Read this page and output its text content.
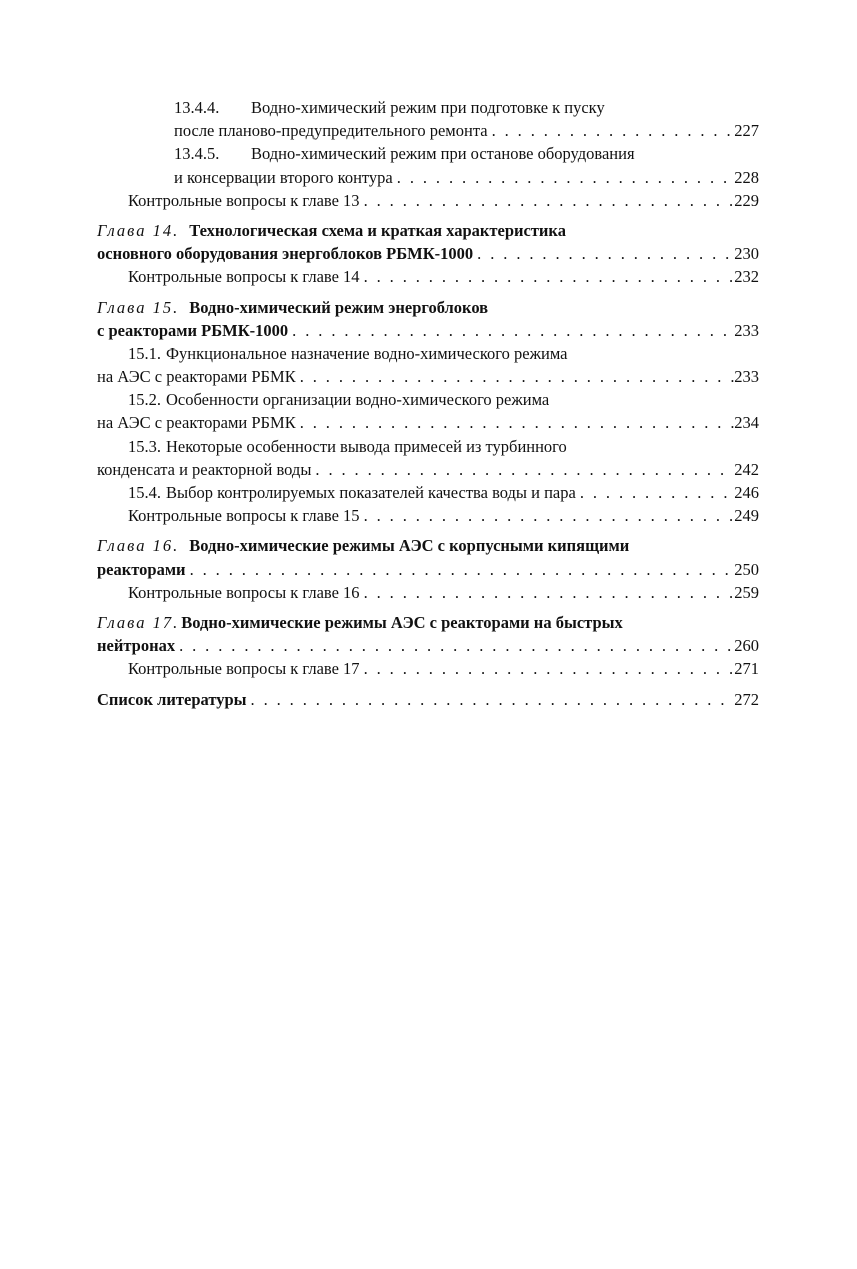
13.4.4. Водно-химический режим при подготовке к пуску
после планово-предупредительного ремонта . . .	227
13.4.5. Водно-химический режим при останове оборудования
и консервации второго контура . . .	228
Контрольные вопросы к главе 13 . . .	229
Глава 14. Технологическая схема и краткая характеристика
основного оборудования энергоблоков РБМК-1000 . . .	230
Контрольные вопросы к главе 14 . . .	232
Глава 15. Водно-химический режим энергоблоков
с реакторами РБМК-1000 . . .	233
15.1. Функциональное назначение водно-химического режима
на АЭС с реакторами РБМК . . .	233
15.2. Особенности организации водно-химического режима
на АЭС с реакторами РБМК . . .	234
15.3. Некоторые особенности вывода примесей из турбинного
конденсата и реакторной воды . . .	242
15.4. Выбор контролируемых показателей качества воды и пара . . .	246
Контрольные вопросы к главе 15 . . .	249
Глава 16. Водно-химические режимы АЭС с корпусными кипящими
реакторами . . .	250
Контрольные вопросы к главе 16 . . .	259
Глава 17. Водно-химические режимы АЭС с реакторами на быстрых
нейтронах . . .	260
Контрольные вопросы к главе 17 . . .	271
Список литературы . . .	272
